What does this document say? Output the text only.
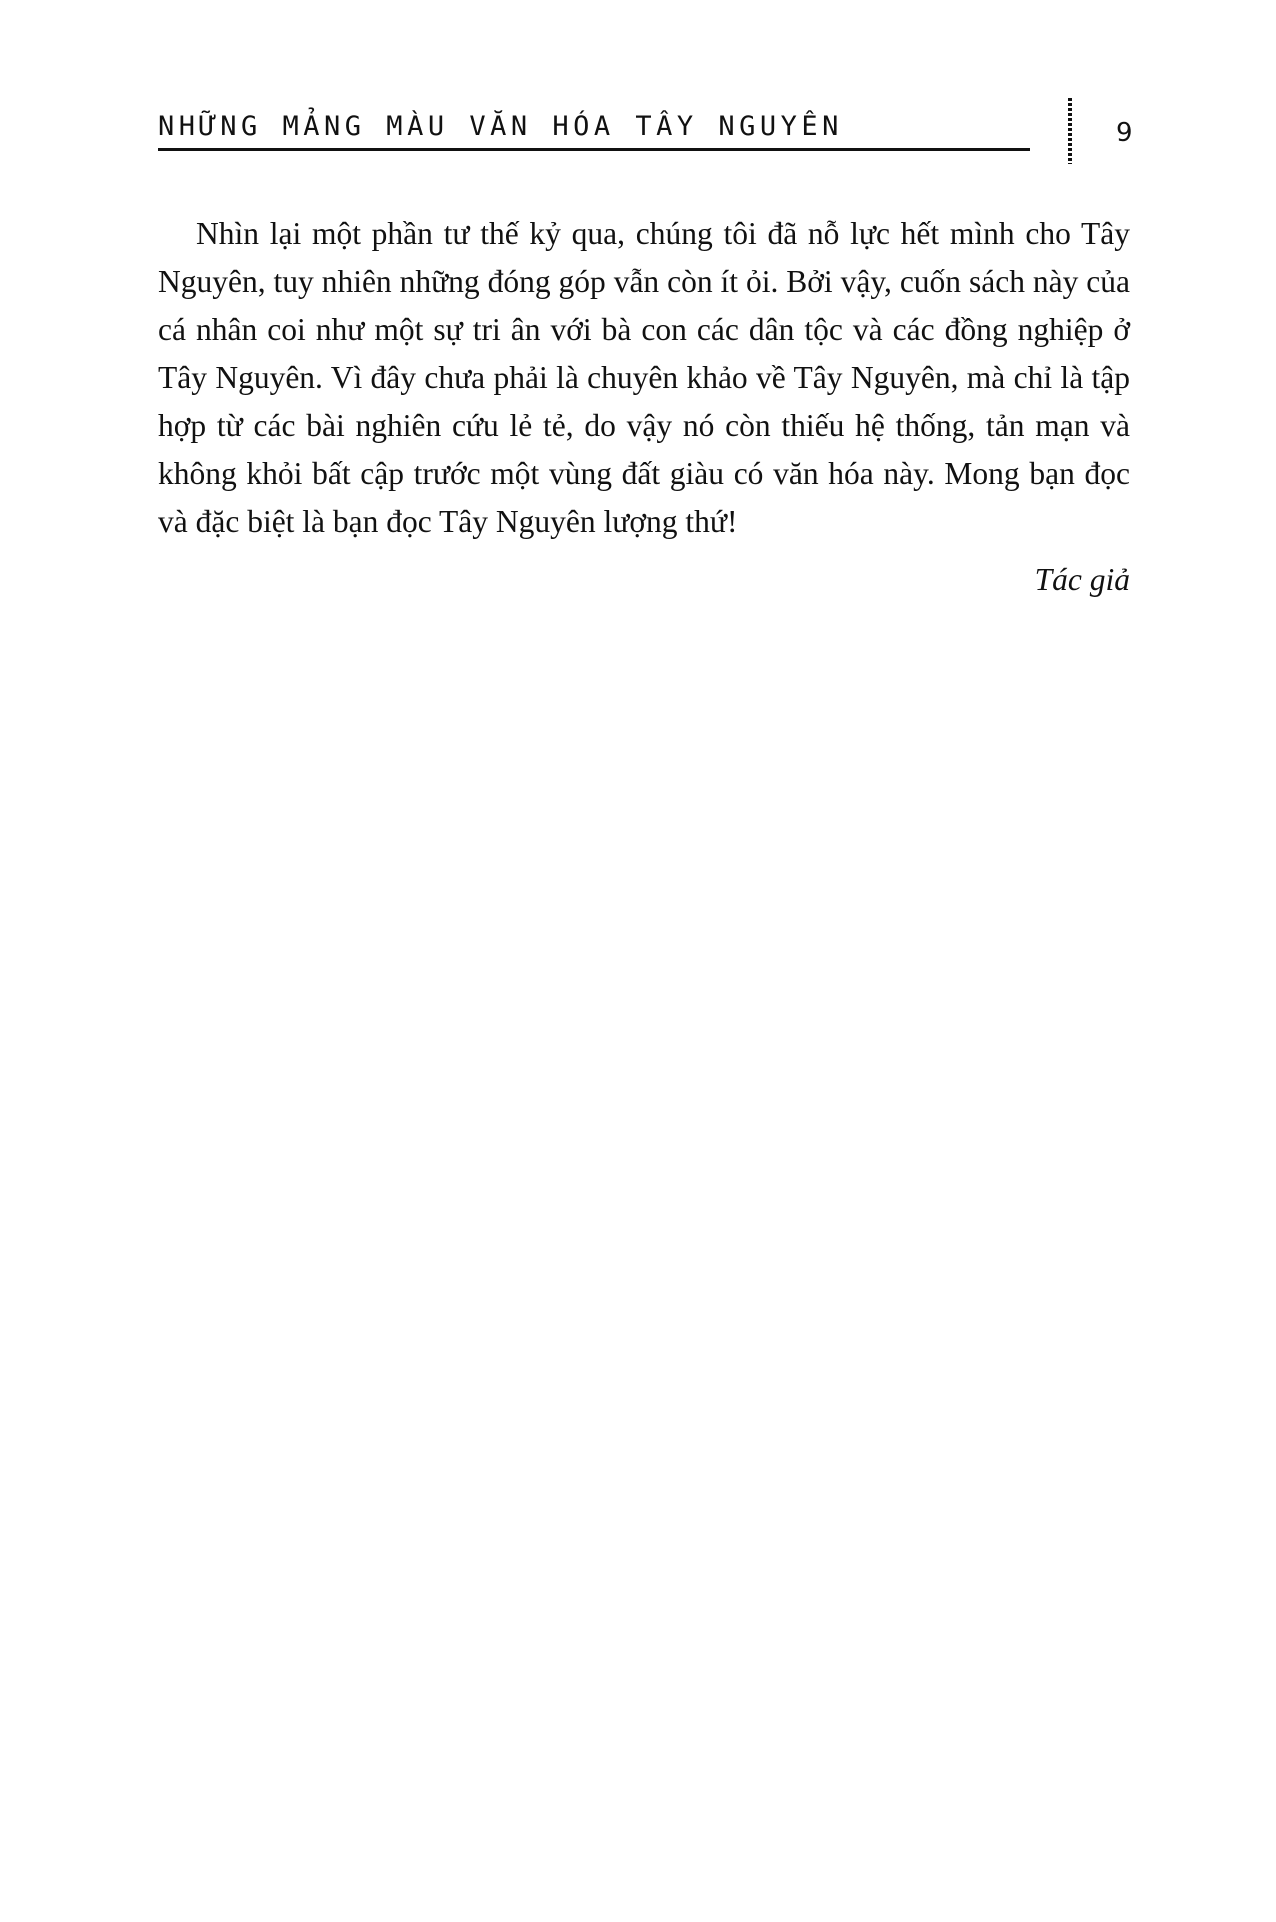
NHỮNG MẢNG MÀU VĂN HÓA TÂY NGUYÊN	9

Nhìn lại một phần tư thế kỷ qua, chúng tôi đã nỗ lực hết mình cho Tây Nguyên, tuy nhiên những đóng góp vẫn còn ít ỏi. Bởi vậy, cuốn sách này của cá nhân coi như một sự tri ân với bà con các dân tộc và các đồng nghiệp ở Tây Nguyên. Vì đây chưa phải là chuyên khảo về Tây Nguyên, mà chỉ là tập hợp từ các bài nghiên cứu lẻ tẻ, do vậy nó còn thiếu hệ thống, tản mạn và không khỏi bất cập trước một vùng đất giàu có văn hóa này. Mong bạn đọc và đặc biệt là bạn đọc Tây Nguyên lượng thứ!

Tác giả
